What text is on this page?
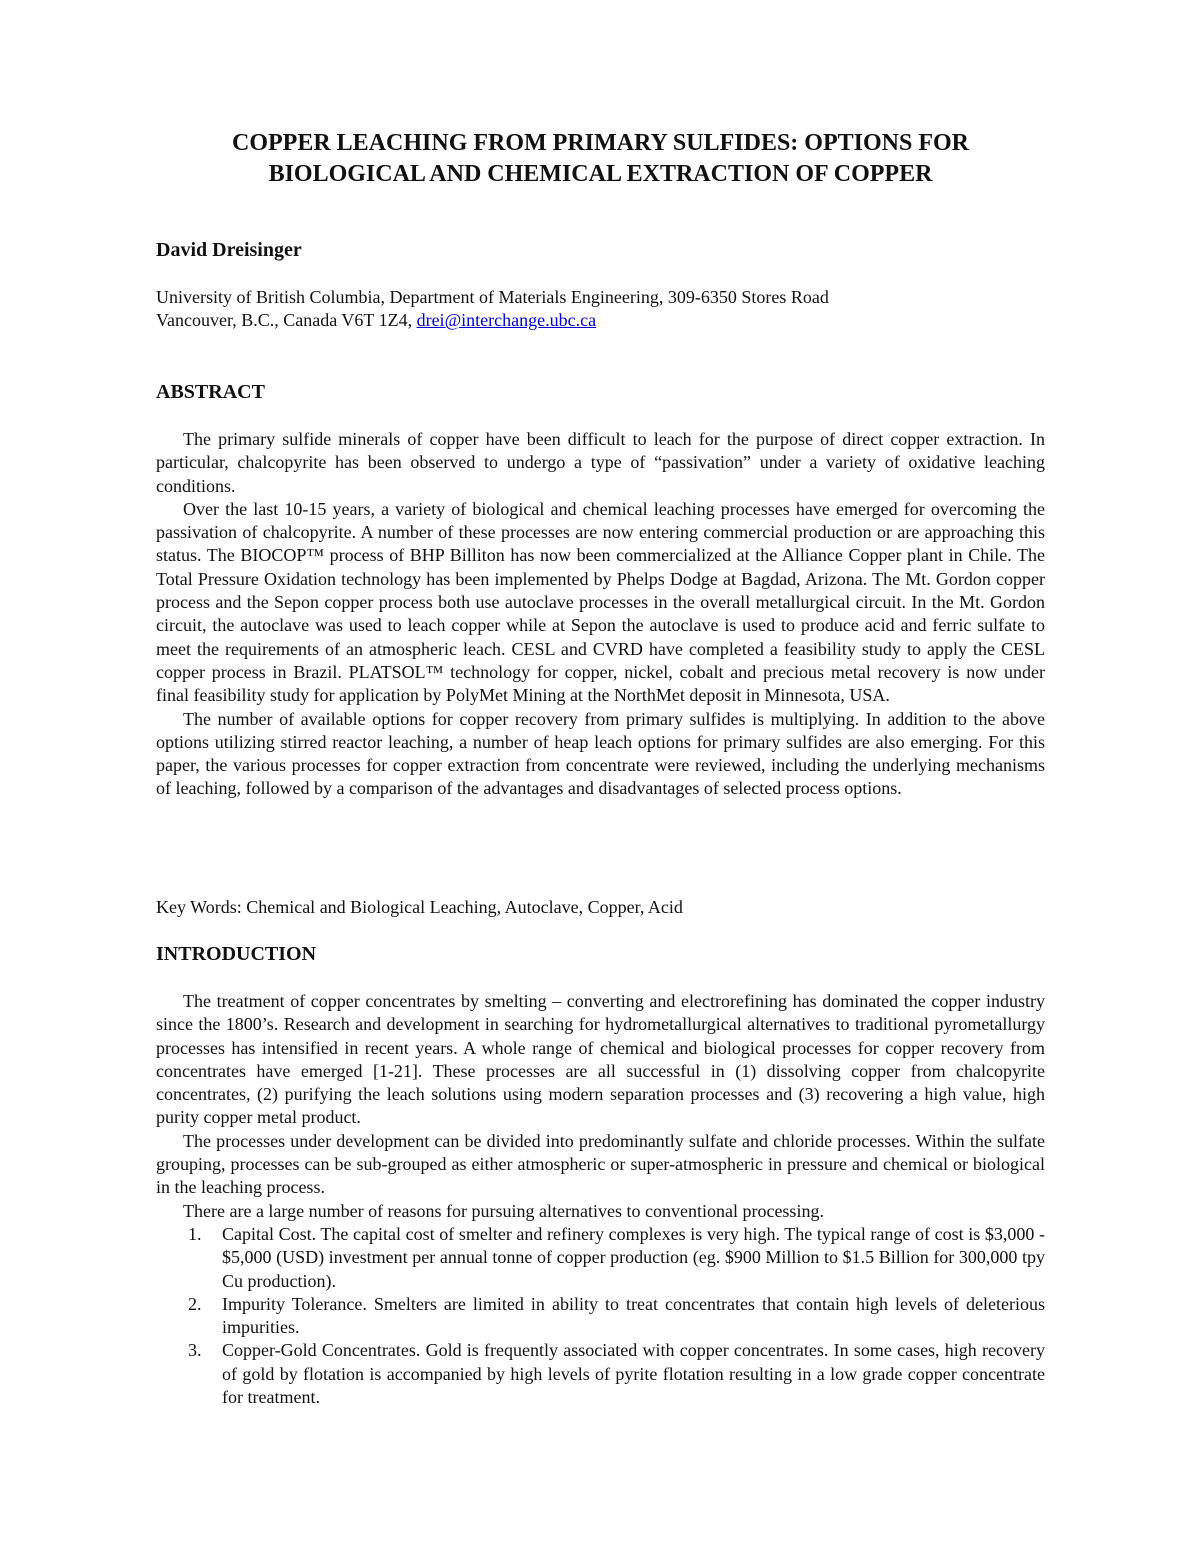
COPPER LEACHING FROM PRIMARY SULFIDES: OPTIONS FOR
BIOLOGICAL AND CHEMICAL EXTRACTION OF COPPER
David Dreisinger
University of British Columbia, Department of Materials Engineering, 309-6350 Stores Road
Vancouver, B.C., Canada V6T 1Z4, drei@interchange.ubc.ca
ABSTRACT

The primary sulfide minerals of copper have been difficult to leach for the purpose of direct copper extraction. In particular, chalcopyrite has been observed to undergo a type of “passivation” under a variety of oxidative leaching conditions.

Over the last 10-15 years, a variety of biological and chemical leaching processes have emerged for overcoming the passivation of chalcopyrite. A number of these processes are now entering commercial production or are approaching this status. The BIOCOP™ process of BHP Billiton has now been commercialized at the Alliance Copper plant in Chile. The Total Pressure Oxidation technology has been implemented by Phelps Dodge at Bagdad, Arizona. The Mt. Gordon copper process and the Sepon copper process both use autoclave processes in the overall metallurgical circuit. In the Mt. Gordon circuit, the autoclave was used to leach copper while at Sepon the autoclave is used to produce acid and ferric sulfate to meet the requirements of an atmospheric leach. CESL and CVRD have completed a feasibility study to apply the CESL copper process in Brazil. PLATSOL™ technology for copper, nickel, cobalt and precious metal recovery is now under final feasibility study for application by PolyMet Mining at the NorthMet deposit in Minnesota, USA.

The number of available options for copper recovery from primary sulfides is multiplying. In addition to the above options utilizing stirred reactor leaching, a number of heap leach options for primary sulfides are also emerging. For this paper, the various processes for copper extraction from concentrate were reviewed, including the underlying mechanisms of leaching, followed by a comparison of the advantages and disadvantages of selected process options.

Key Words: Chemical and Biological Leaching, Autoclave, Copper, Acid
INTRODUCTION

The treatment of copper concentrates by smelting – converting and electrorefining has dominated the copper industry since the 1800’s. Research and development in searching for hydrometallurgical alternatives to traditional pyrometallurgy processes has intensified in recent years. A whole range of chemical and biological processes for copper recovery from concentrates have emerged [1-21]. These processes are all successful in (1) dissolving copper from chalcopyrite concentrates, (2) purifying the leach solutions using modern separation processes and (3) recovering a high value, high purity copper metal product.

The processes under development can be divided into predominantly sulfate and chloride processes. Within the sulfate grouping, processes can be sub-grouped as either atmospheric or super-atmospheric in pressure and chemical or biological in the leaching process.

There are a large number of reasons for pursuing alternatives to conventional processing.

1. Capital Cost. The capital cost of smelter and refinery complexes is very high. The typical range of cost is $3,000 - $5,000 (USD) investment per annual tonne of copper production (eg. $900 Million to $1.5 Billion for 300,000 tpy Cu production).
2. Impurity Tolerance. Smelters are limited in ability to treat concentrates that contain high levels of deleterious impurities.
3. Copper-Gold Concentrates. Gold is frequently associated with copper concentrates. In some cases, high recovery of gold by flotation is accompanied by high levels of pyrite flotation resulting in a low grade copper concentrate for treatment.
